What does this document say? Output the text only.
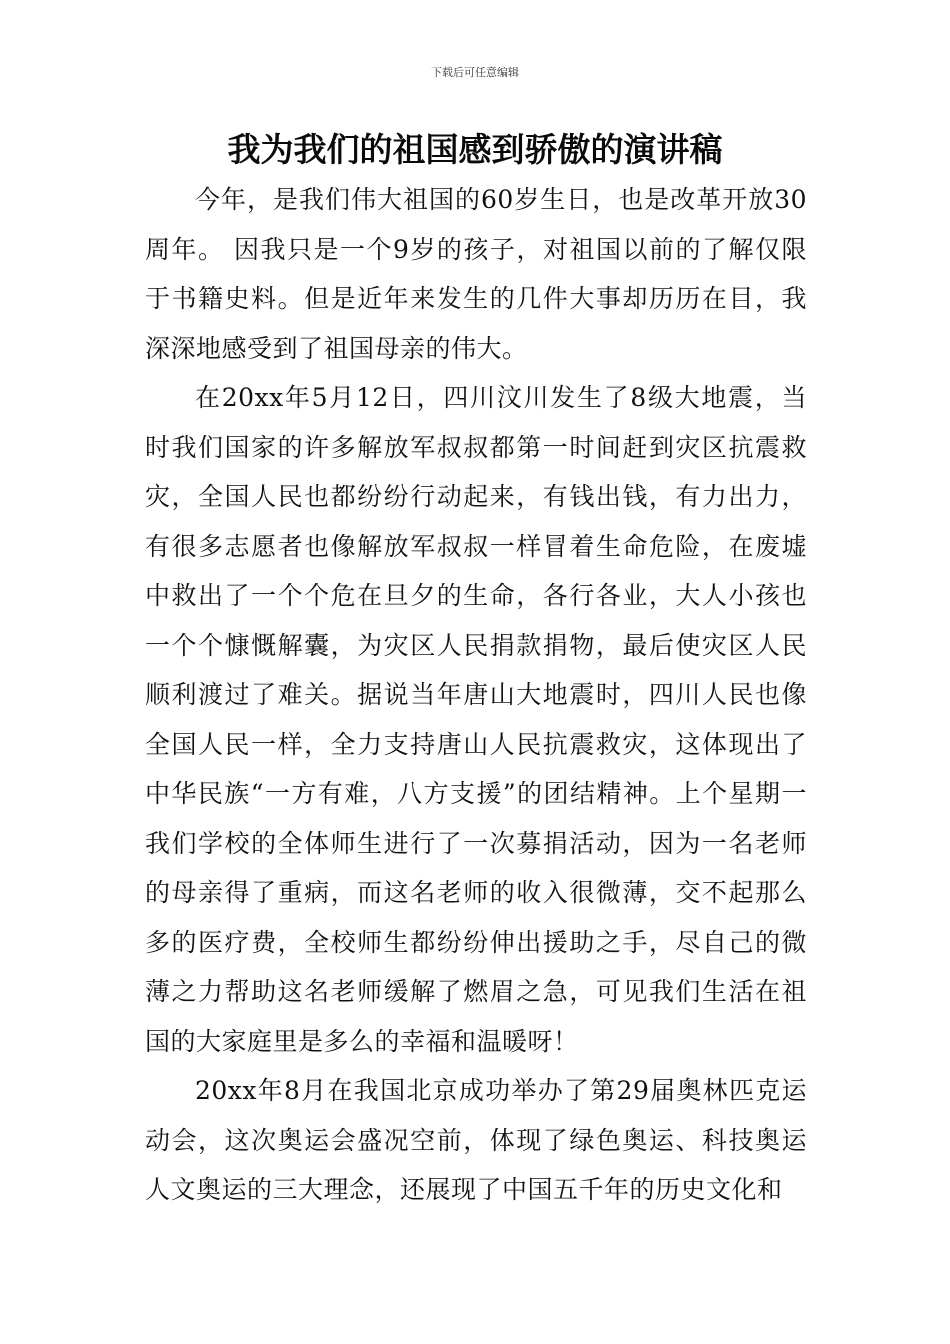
下载后可任意编辑
我为我们的祖国感到骄傲的演讲稿

今年，是我们伟大祖国的60岁生日，也是改革开放30周年。 因我只是一个9岁的孩子，对祖国以前的了解仅限于书籍史料。但是近年来发生的几件大事却历历在目，我深深地感受到了祖国母亲的伟大。

在20xx年5月12日，四川汶川发生了8级大地震，当时我们国家的许多解放军叔叔都第一时间赶到灾区抗震救灾，全国人民也都纷纷行动起来，有钱出钱，有力出力，有很多志愿者也像解放军叔叔一样冒着生命危险，在废墟中救出了一个个危在旦夕的生命，各行各业，大人小孩也一个个慷慨解囊，为灾区人民捐款捐物，最后使灾区人民顺利渡过了难关。据说当年唐山大地震时，四川人民也像全国人民一样，全力支持唐山人民抗震救灾，这体现出了中华民族“一方有难，八方支援”的团结精神。上个星期一我们学校的全体师生进行了一次募捐活动，因为一名老师的母亲得了重病，而这名老师的收入很微薄，交不起那么多的医疗费，全校师生都纷纷伸出援助之手，尽自己的微薄之力帮助这名老师缓解了燃眉之急，可见我们生活在祖国的大家庭里是多么的幸福和温暖呀！

20xx年8月在我国北京成功举办了第29届奥林匹克运动会，这次奥运会盛况空前，体现了绿色奥运、科技奥运人文奥运的三大理念，还展现了中国五千年的历史文化和
